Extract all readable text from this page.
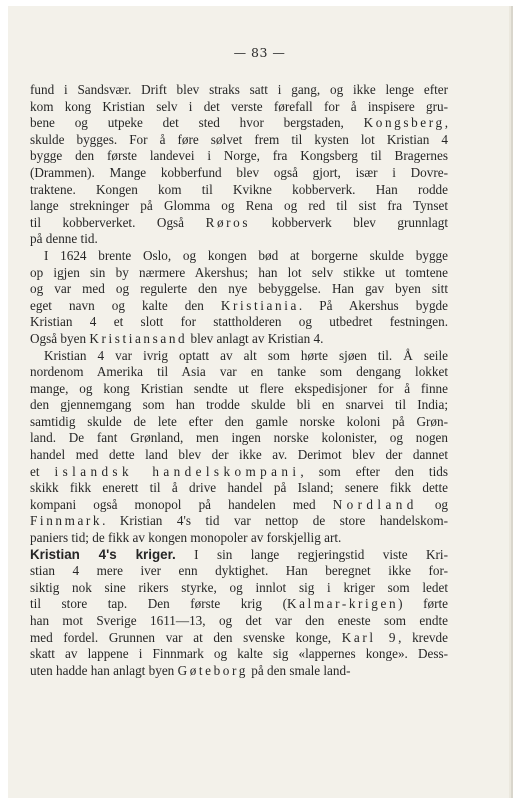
— 83 —
fund i Sandsvær. Drift blev straks satt i gang, og ikke lenge efter
kom kong Kristian selv i det verste førefall for å inspisere gru-
bene og utpeke det sted hvor bergstaden, Kongsberg,
skulde bygges. For å føre sølvet frem til kysten lot Kristian 4
bygge den første landevei i Norge, fra Kongsberg til Bragernes
(Drammen). Mange kobberfund blev også gjort, især i Dovre-
traktene. Kongen kom til Kvikne kobberverk. Han rodde
lange strekninger på Glomma og Rena og red til sist fra Tynset
til kobberverket. Også Røros kobberverk blev grunnlagt
på denne tid.
I 1624 brente Oslo, og kongen bød at borgerne skulde bygge
op igjen sin by nærmere Akershus; han lot selv stikke ut tomtene
og var med og regulerte den nye bebyggelse. Han gav byen sitt
eget navn og kalte den Kristiania. På Akershus bygde
Kristian 4 et slott for stattholderen og utbedret festningen.
Også byen Kristiansand blev anlagt av Kristian 4.
Kristian 4 var ivrig optatt av alt som hørte sjøen til. Å seile
nordenom Amerika til Asia var en tanke som dengang lokket
mange, og kong Kristian sendte ut flere ekspedisjoner for å finne
den gjennemgang som han trodde skulde bli en snarvei til India;
samtidig skulde de lete efter den gamle norske koloni på Grøn-
land. De fant Grønland, men ingen norske kolonister, og nogen
handel med dette land blev der ikke av. Derimot blev der dannet
et islandsk handelskompani, som efter den tids
skikk fikk enerett til å drive handel på Island; senere fikk dette
kompani også monopol på handelen med Nordland og
Finnmark. Kristian 4's tid var nettop de store handelskom-
paniers tid; de fikk av kongen monopoler av forskjellig art.
Kristian 4's kriger. I sin lange regjeringstid viste Kri-
stian 4 mere iver enn dyktighet. Han beregnet ikke for-
siktig nok sine rikers styrke, og innlot sig i kriger som ledet
til store tap. Den første krig (Kalmar-krigen) førte
han mot Sverige 1611—13, og det var den eneste som endte
med fordel. Grunnen var at den svenske konge, Karl 9, krevde
skatt av lappene i Finnmark og kalte sig «lappernes konge». Dess-
uten hadde han anlagt byen Gøteborg på den smale land-
